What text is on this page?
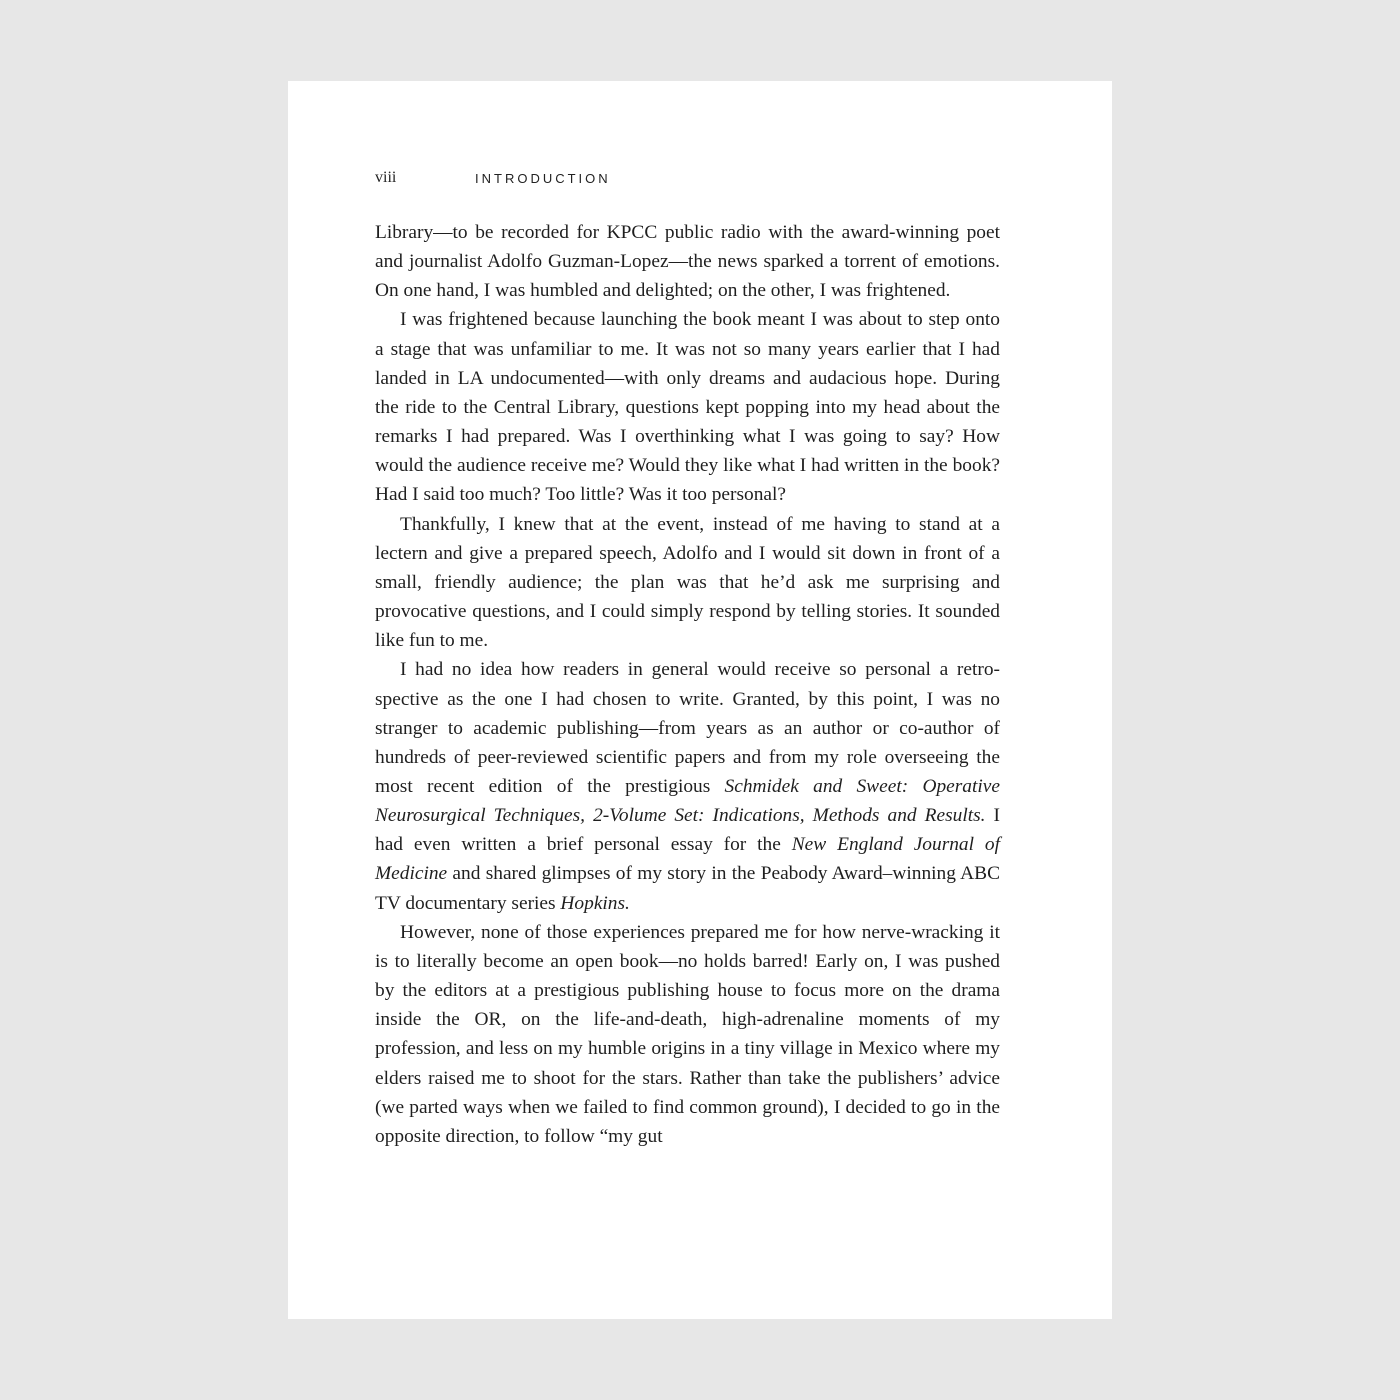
viii	INTRODUCTION

Library—to be recorded for KPCC public radio with the award-winning poet and journalist Adolfo Guzman-Lopez—the news sparked a torrent of emotions. On one hand, I was humbled and delighted; on the other, I was frightened.

I was frightened because launching the book meant I was about to step onto a stage that was unfamiliar to me. It was not so many years earlier that I had landed in LA undocumented—with only dreams and audacious hope. During the ride to the Central Library, questions kept popping into my head about the remarks I had prepared. Was I overthinking what I was going to say? How would the audience receive me? Would they like what I had written in the book? Had I said too much? Too little? Was it too personal?

Thankfully, I knew that at the event, instead of me having to stand at a lectern and give a prepared speech, Adolfo and I would sit down in front of a small, friendly audience; the plan was that he’d ask me surprising and provocative questions, and I could simply respond by telling stories. It sounded like fun to me.

I had no idea how readers in general would receive so personal a retrospective as the one I had chosen to write. Granted, by this point, I was no stranger to academic publishing—from years as an author or co-author of hundreds of peer-reviewed scientific papers and from my role overseeing the most recent edition of the prestigious Schmidek and Sweet: Operative Neurosurgical Techniques, 2-Volume Set: Indications, Methods and Results. I had even written a brief personal essay for the New England Journal of Medicine and shared glimpses of my story in the Peabody Award–winning ABC TV documentary series Hopkins.

However, none of those experiences prepared me for how nerve-wracking it is to literally become an open book—no holds barred! Early on, I was pushed by the editors at a prestigious publishing house to focus more on the drama inside the OR, on the life-and-death, high-adrenaline moments of my profession, and less on my humble origins in a tiny village in Mexico where my elders raised me to shoot for the stars. Rather than take the publishers’ advice (we parted ways when we failed to find common ground), I decided to go in the opposite direction, to follow “my gut
